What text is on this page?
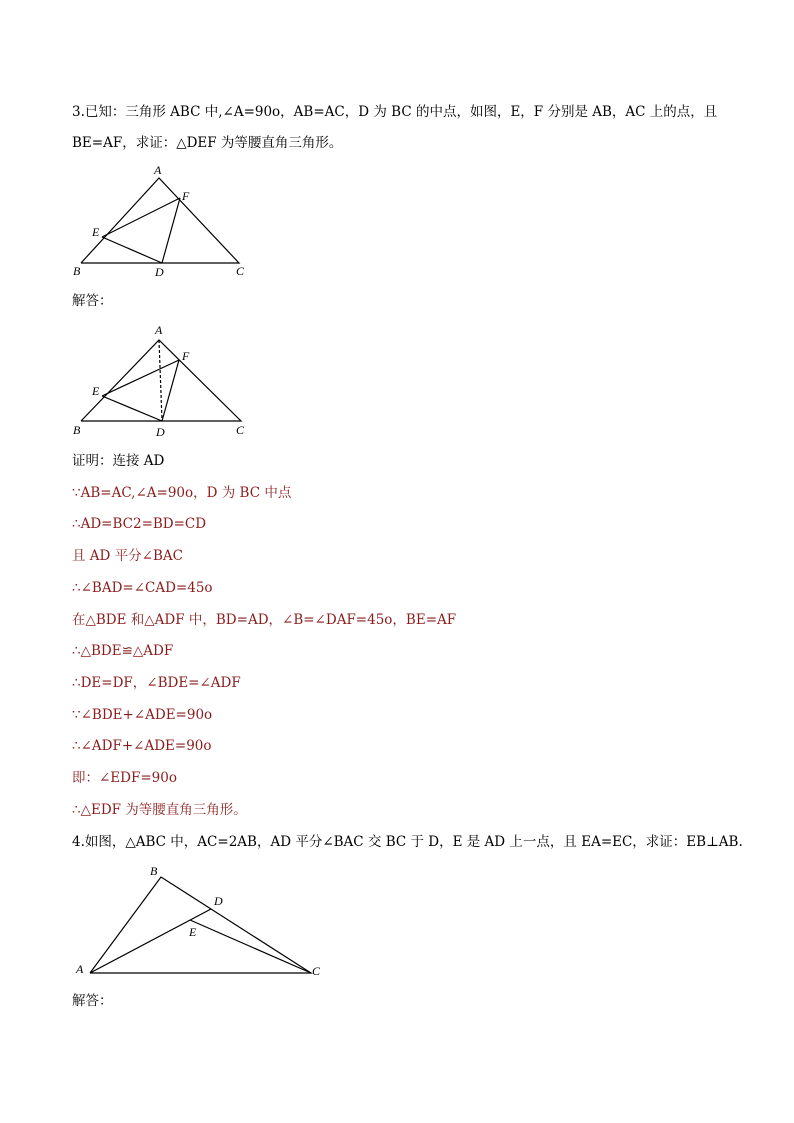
3.已知：三角形 ABC 中,∠A=90o，AB=AC，D 为 BC 的中点，如图，E，F 分别是 AB，AC 上的点，且
BE=AF，求证：△DEF 为等腰直角三角形。
A
F
E
B	D	C
解答：
A
F
E
B	D	C
证明：连接 AD
∵AB=AC,∠A=90o，D 为 BC 中点
∴AD=BC2=BD=CD
且 AD 平分∠BAC
∴∠BAD=∠CAD=45o
在△BDE 和△ADF 中，BD=AD，∠B=∠DAF=45o，BE=AF
∴△BDE≌△ADF
∴DE=DF，∠BDE=∠ADF
∵∠BDE+∠ADE=90o
∴∠ADF+∠ADE=90o
即：∠EDF=90o
∴△EDF 为等腰直角三角形。
4.如图，△ABC 中，AC=2AB，AD 平分∠BAC 交 BC 于 D，E 是 AD 上一点，且 EA=EC，求证：EB⊥AB.
B
D
E
A	C
解答：
